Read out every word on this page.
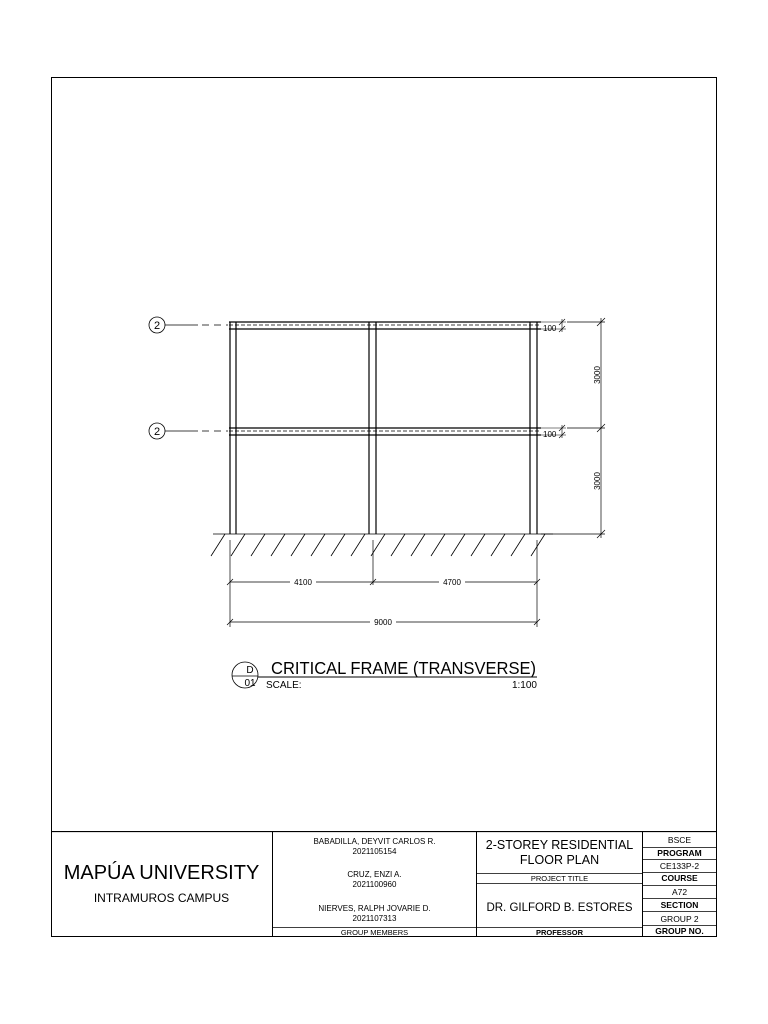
2
2
100
100
3000
3000
4100	4700
9000
D
01
CRITICAL FRAME (TRANSVERSE)
SCALE:	1:100
MAPÚA UNIVERSITY
INTRAMUROS CAMPUS
BABADILLA, DEYVIT CARLOS R.
2021105154
CRUZ, ENZI A.
2021100960
NIERVES, RALPH JOVARIE D.
2021107313
GROUP MEMBERS
2-STOREY RESIDENTIAL
FLOOR PLAN
PROJECT TITLE
DR. GILFORD B. ESTORES
PROFESSOR
BSCE
PROGRAM
CE133P-2
COURSE
A72
SECTION
GROUP 2
GROUP NO.
